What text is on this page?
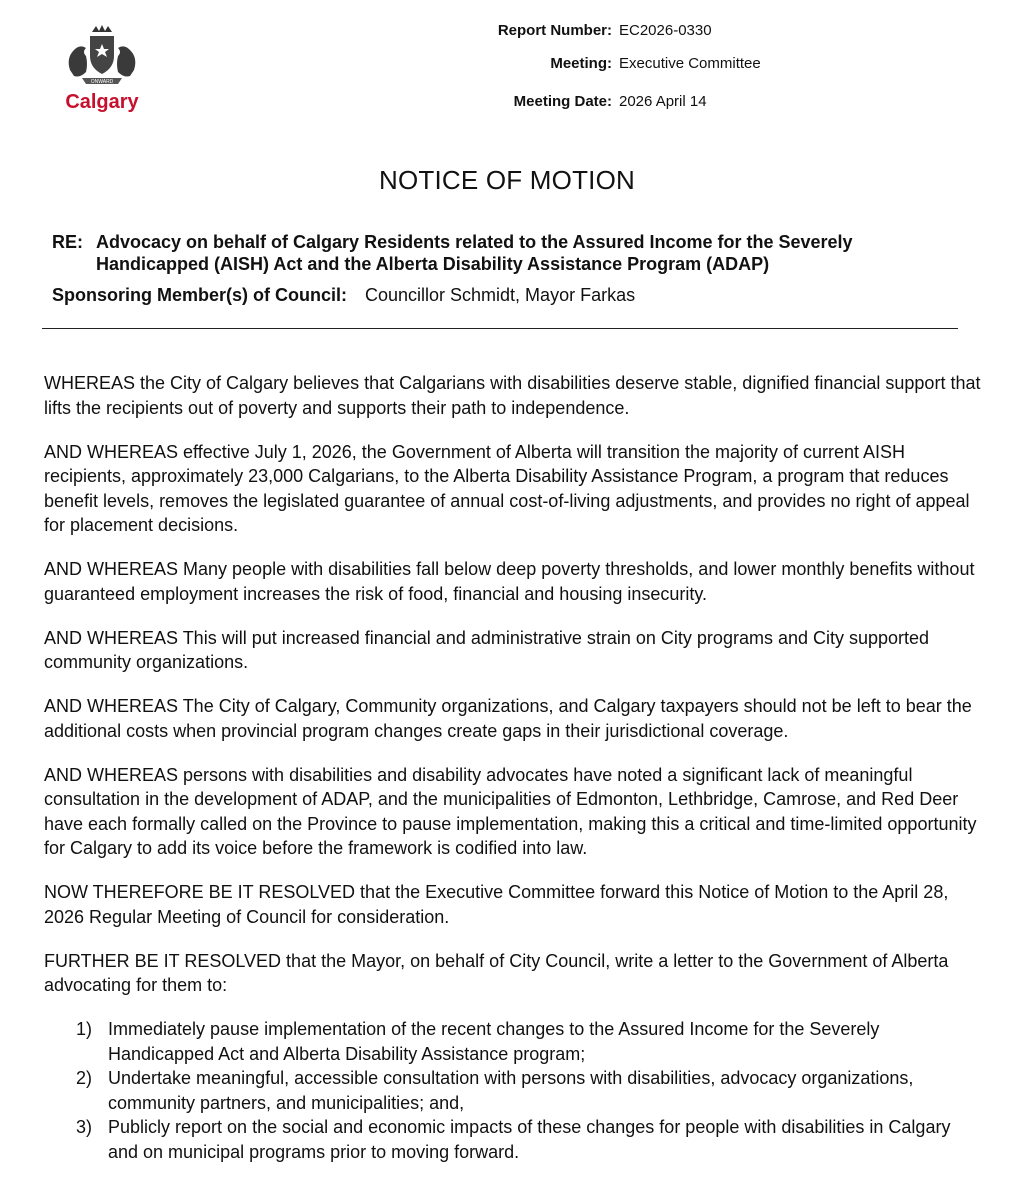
ONWARD
Calgary
Report Number: EC2026-0330
Meeting: Executive Committee
Meeting Date: 2026 April 14
NOTICE OF MOTION
RE: Advocacy on behalf of Calgary Residents related to the Assured Income for the Severely Handicapped (AISH) Act and the Alberta Disability Assistance Program (ADAP)
Sponsoring Member(s) of Council: Councillor Schmidt, Mayor Farkas

WHEREAS the City of Calgary believes that Calgarians with disabilities deserve stable, dignified financial support that lifts the recipients out of poverty and supports their path to independence.

AND WHEREAS effective July 1, 2026, the Government of Alberta will transition the majority of current AISH recipients, approximately 23,000 Calgarians, to the Alberta Disability Assistance Program, a program that reduces benefit levels, removes the legislated guarantee of annual cost-of-living adjustments, and provides no right of appeal for placement decisions.

AND WHEREAS Many people with disabilities fall below deep poverty thresholds, and lower monthly benefits without guaranteed employment increases the risk of food, financial and housing insecurity.

AND WHEREAS This will put increased financial and administrative strain on City programs and City supported community organizations.

AND WHEREAS The City of Calgary, Community organizations, and Calgary taxpayers should not be left to bear the additional costs when provincial program changes create gaps in their jurisdictional coverage.

AND WHEREAS persons with disabilities and disability advocates have noted a significant lack of meaningful consultation in the development of ADAP, and the municipalities of Edmonton, Lethbridge, Camrose, and Red Deer have each formally called on the Province to pause implementation, making this a critical and time-limited opportunity for Calgary to add its voice before the framework is codified into law.

NOW THEREFORE BE IT RESOLVED that the Executive Committee forward this Notice of Motion to the April 28, 2026 Regular Meeting of Council for consideration.

FURTHER BE IT RESOLVED that the Mayor, on behalf of City Council, write a letter to the Government of Alberta advocating for them to:

1) Immediately pause implementation of the recent changes to the Assured Income for the Severely Handicapped Act and Alberta Disability Assistance program;
2) Undertake meaningful, accessible consultation with persons with disabilities, advocacy organizations, community partners, and municipalities; and,
3) Publicly report on the social and economic impacts of these changes for people with disabilities in Calgary and on municipal programs prior to moving forward.
